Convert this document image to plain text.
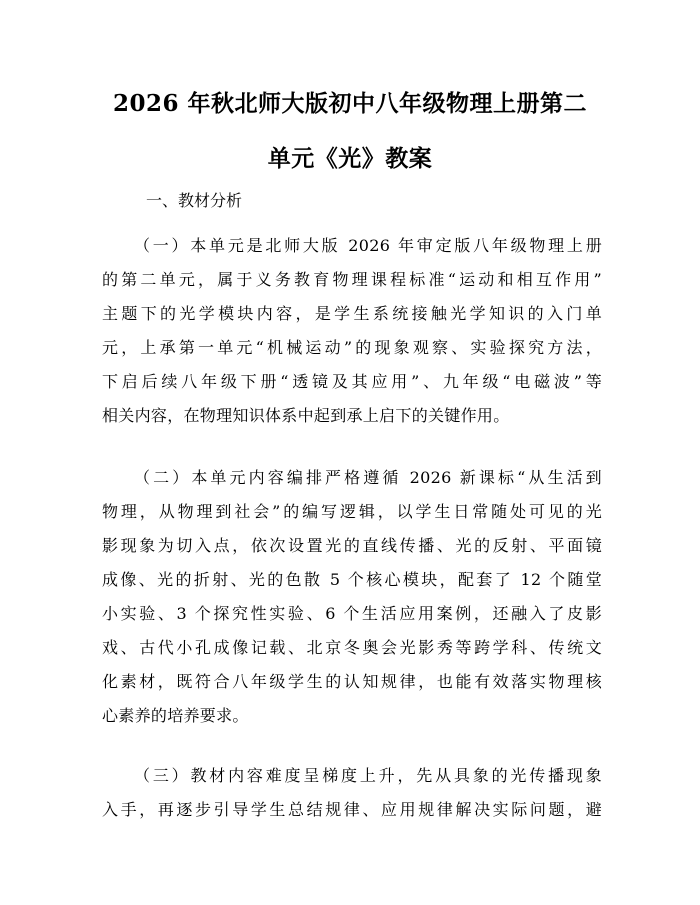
2026 年秋北师大版初中八年级物理上册第二
单元《光》教案
一、教材分析
（一）本单元是北师大版 2026 年审定版八年级物理上册
的第二单元，属于义务教育物理课程标准“运动和相互作用”
主题下的光学模块内容，是学生系统接触光学知识的入门单
元，上承第一单元“机械运动”的现象观察、实验探究方法，
下启后续八年级下册“透镜及其应用”、九年级“电磁波”等
相关内容，在物理知识体系中起到承上启下的关键作用。
（二）本单元内容编排严格遵循 2026 新课标“从生活到
物理，从物理到社会”的编写逻辑，以学生日常随处可见的光
影现象为切入点，依次设置光的直线传播、光的反射、平面镜
成像、光的折射、光的色散 5 个核心模块，配套了 12 个随堂
小实验、3 个探究性实验、6 个生活应用案例，还融入了皮影
戏、古代小孔成像记载、北京冬奥会光影秀等跨学科、传统文
化素材，既符合八年级学生的认知规律，也能有效落实物理核
心素养的培养要求。
（三）教材内容难度呈梯度上升，先从具象的光传播现象
入手，再逐步引导学生总结规律、应用规律解决实际问题，避
